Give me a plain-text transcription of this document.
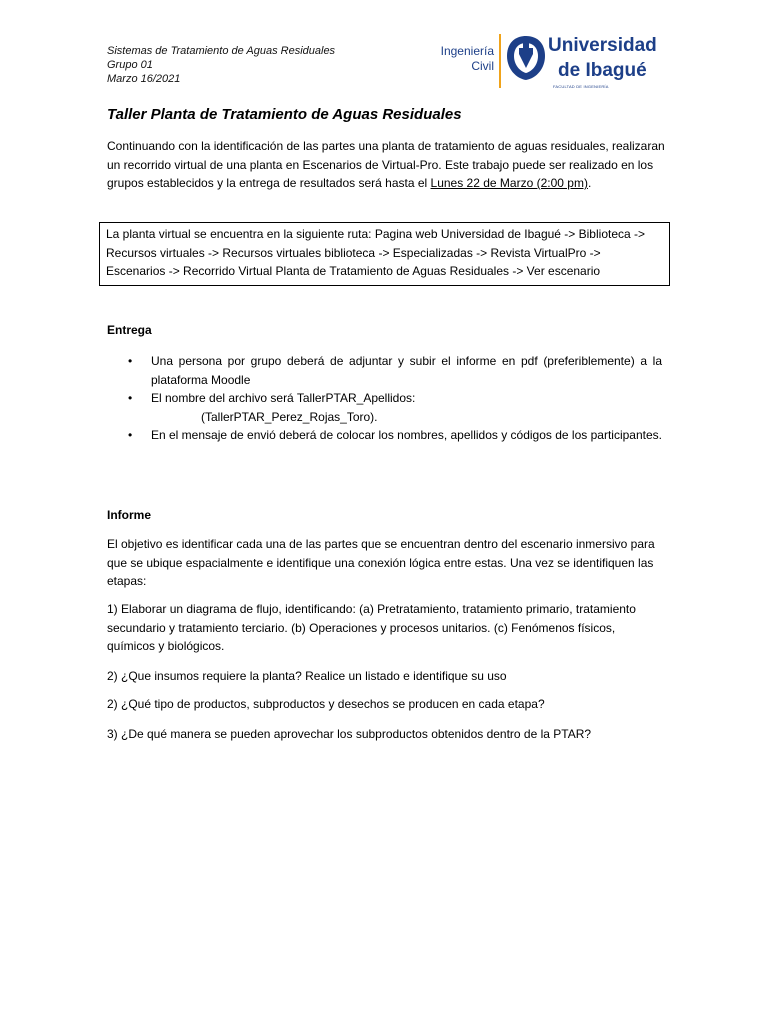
Sistemas de Tratamiento de Aguas Residuales
Grupo 01
Marzo 16/2021
Ingeniería
Civil
Universidad
de Ibagué
FACULTAD DE INGENIERÍA
Taller Planta de Tratamiento de Aguas Residuales
Continuando con la identificación de las partes una planta de tratamiento de aguas residuales, realizaran un recorrido virtual de una planta en Escenarios de Virtual-Pro. Este trabajo puede ser realizado en los grupos establecidos y la entrega de resultados será hasta el Lunes 22 de Marzo (2:00 pm).
La planta virtual se encuentra en la siguiente ruta: Pagina web Universidad de Ibagué -> Biblioteca -> Recursos virtuales -> Recursos virtuales biblioteca -> Especializadas -> Revista VirtualPro -> Escenarios -> Recorrido Virtual Planta de Tratamiento de Aguas Residuales -> Ver escenario
Entrega
• Una persona por grupo deberá de adjuntar y subir el informe en pdf (preferiblemente) a la plataforma Moodle
• El nombre del archivo será TallerPTAR_Apellidos:
(TallerPTAR_Perez_Rojas_Toro).
• En el mensaje de envió deberá de colocar los nombres, apellidos y códigos de los participantes.
Informe
El objetivo es identificar cada una de las partes que se encuentran dentro del escenario inmersivo para que se ubique espacialmente e identifique una conexión lógica entre estas. Una vez se identifiquen las etapas:
1) Elaborar un diagrama de flujo, identificando: (a) Pretratamiento, tratamiento primario, tratamiento secundario y tratamiento terciario. (b) Operaciones y procesos unitarios. (c) Fenómenos físicos, químicos y biológicos.
2) ¿Que insumos requiere la planta? Realice un listado e identifique su uso
2) ¿Qué tipo de productos, subproductos y desechos se producen en cada etapa?
3) ¿De qué manera se pueden aprovechar los subproductos obtenidos dentro de la PTAR?
